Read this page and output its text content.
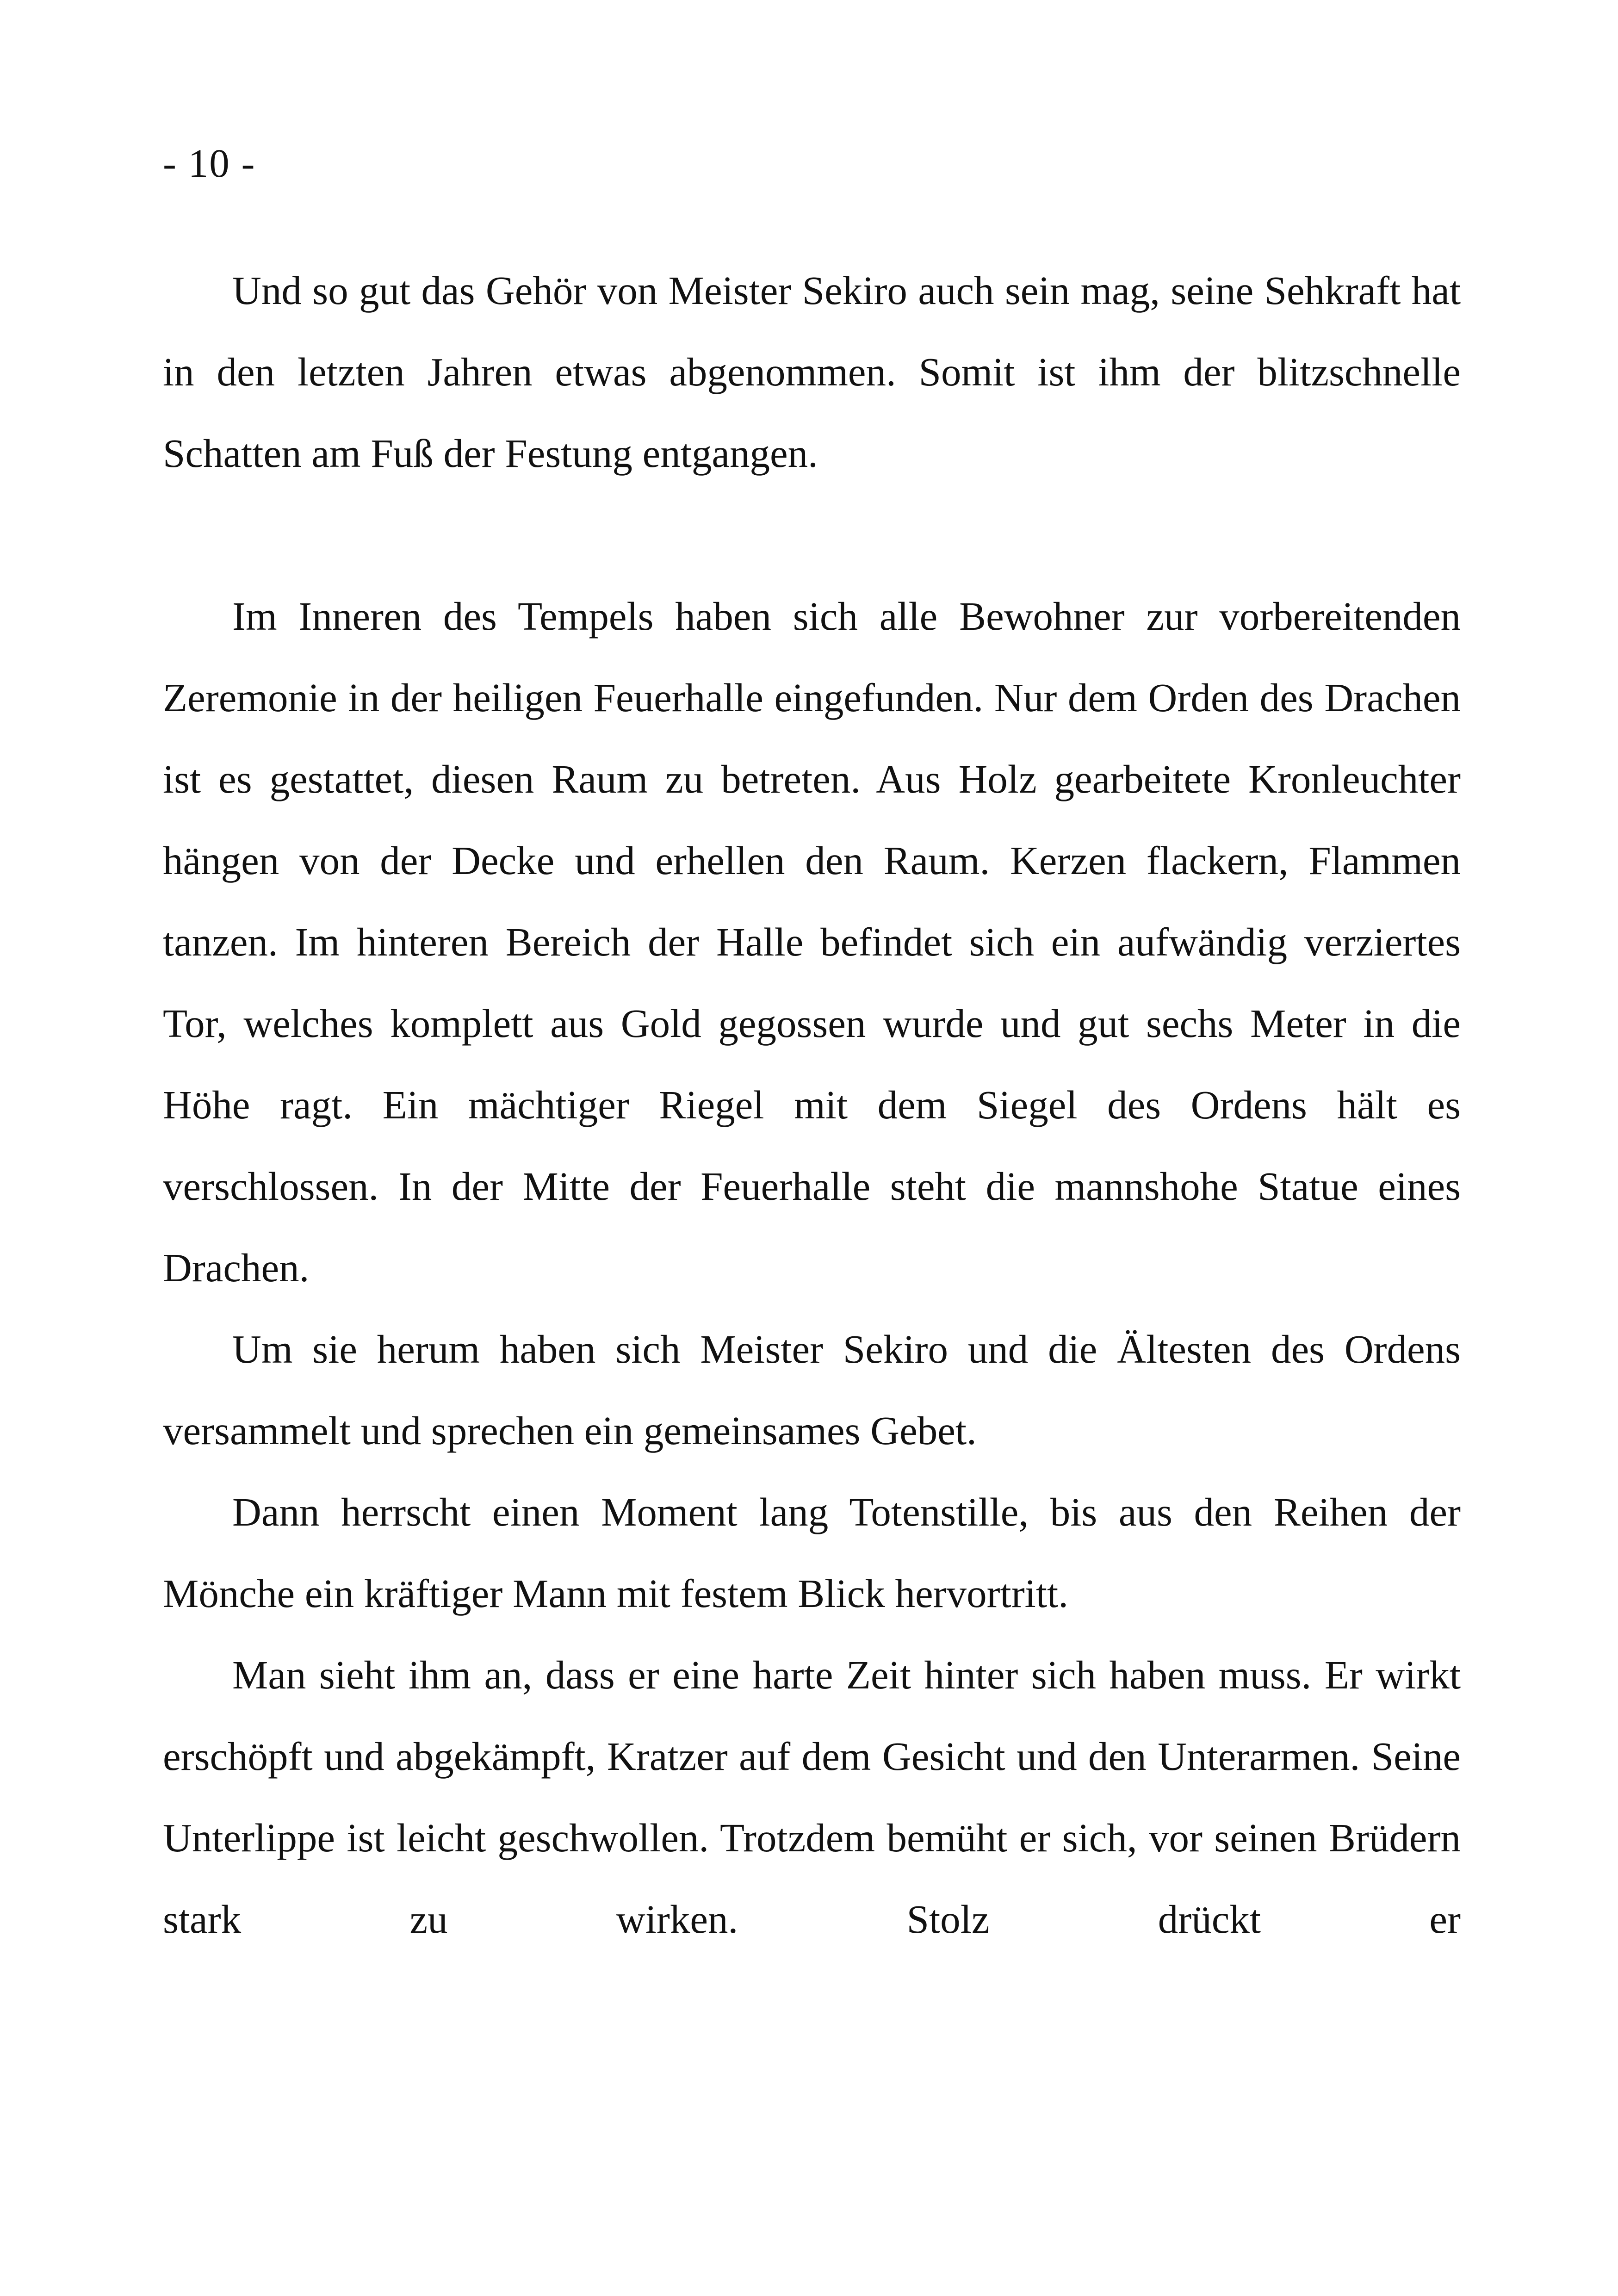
- 10 -

Und so gut das Gehör von Meister Sekiro auch sein mag, seine Sehkraft hat in den letzten Jahren etwas abgenommen. Somit ist ihm der blitzschnelle Schatten am Fuß der Festung entgangen.

Im Inneren des Tempels haben sich alle Bewohner zur vorbereitenden Zeremonie in der heiligen Feuerhalle eingefunden. Nur dem Orden des Drachen ist es gestattet, diesen Raum zu betreten. Aus Holz gearbeitete Kronleuchter hängen von der Decke und erhellen den Raum. Kerzen flackern, Flammen tanzen. Im hinteren Bereich der Halle befindet sich ein aufwändig verziertes Tor, welches komplett aus Gold gegossen wurde und gut sechs Meter in die Höhe ragt. Ein mächtiger Riegel mit dem Siegel des Ordens hält es verschlossen. In der Mitte der Feuerhalle steht die mannshohe Statue eines Drachen.

Um sie herum haben sich Meister Sekiro und die Ältesten des Ordens versammelt und sprechen ein gemeinsames Gebet.

Dann herrscht einen Moment lang Totenstille, bis aus den Reihen der Mönche ein kräftiger Mann mit festem Blick hervortritt.

Man sieht ihm an, dass er eine harte Zeit hinter sich haben muss. Er wirkt erschöpft und abgekämpft, Kratzer auf dem Gesicht und den Unterarmen. Seine Unterlippe ist leicht geschwollen. Trotzdem bemüht er sich, vor seinen Brüdern stark zu wirken. Stolz drückt er
